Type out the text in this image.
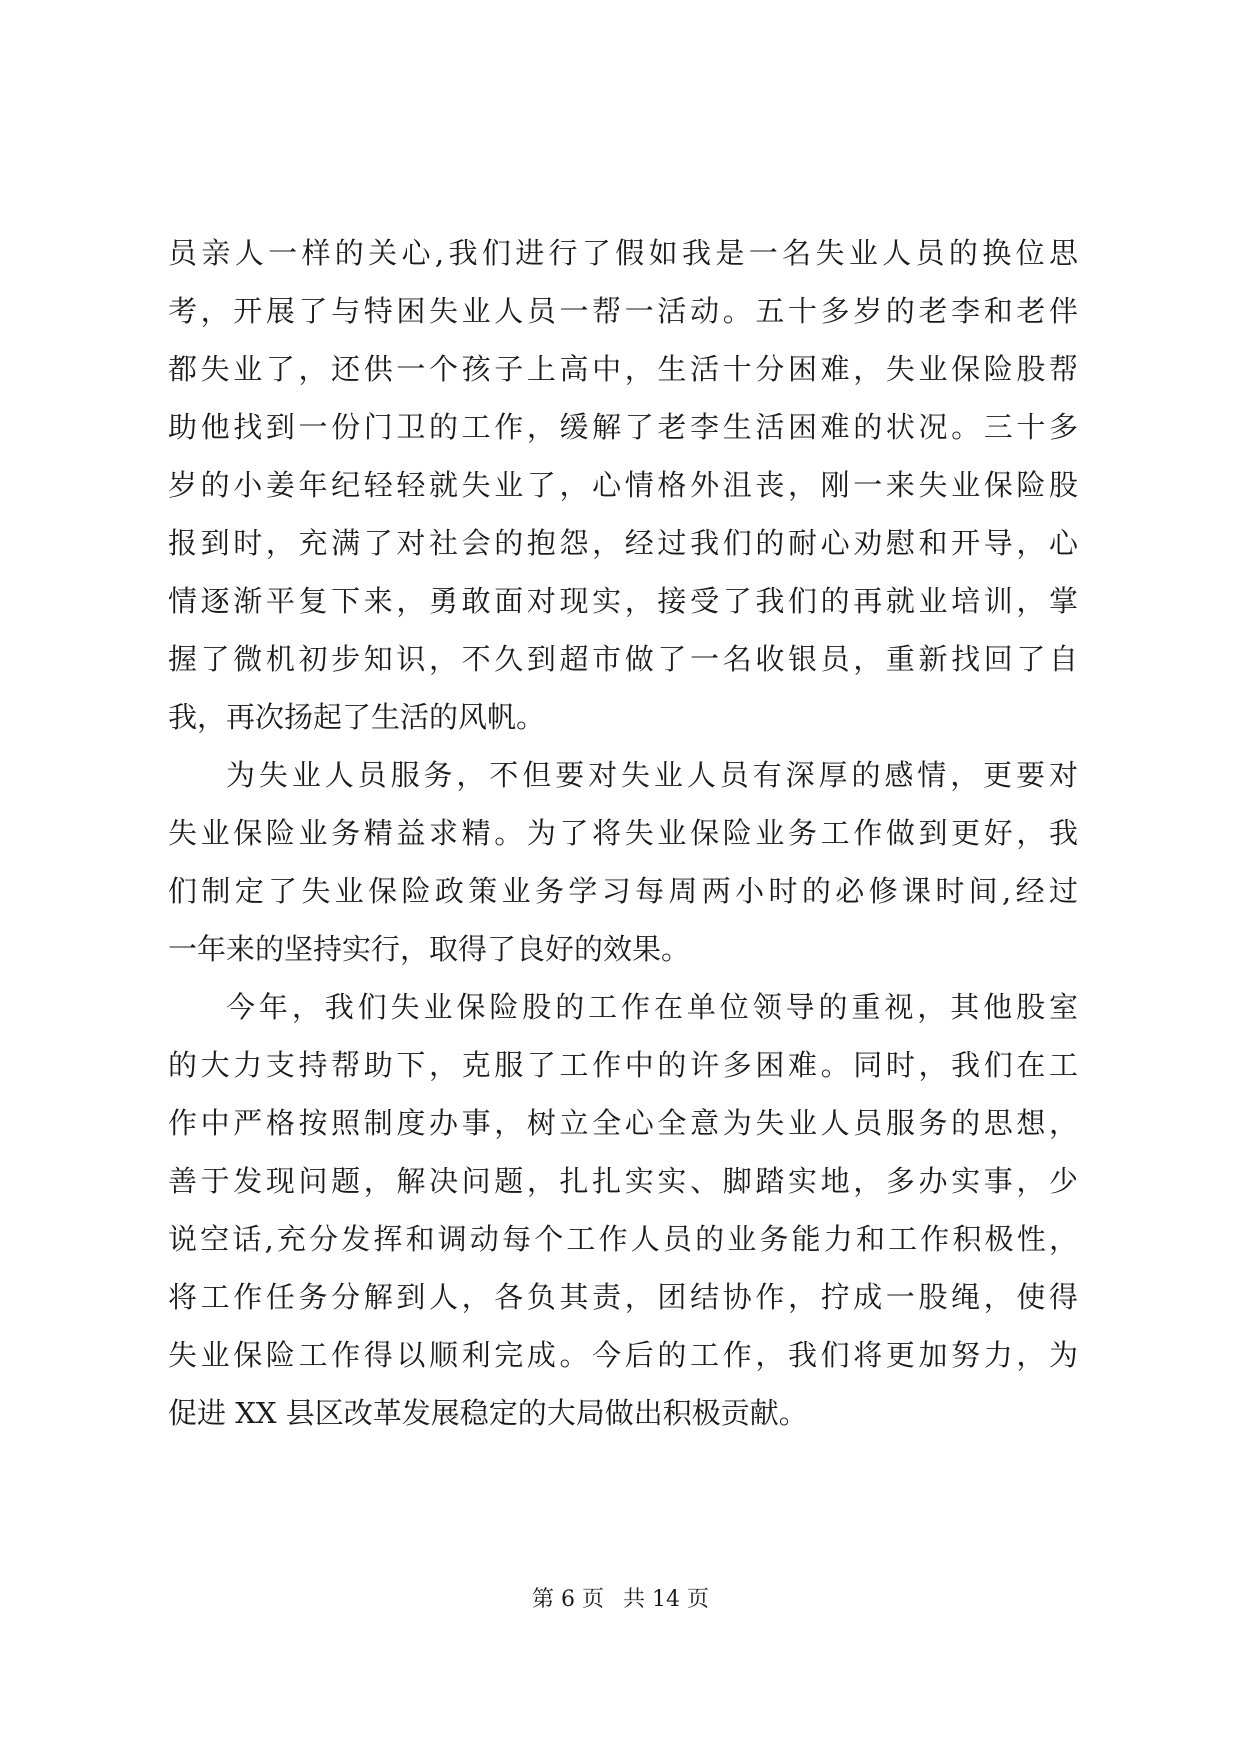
员亲人一样的关心,我们进行了假如我是一名失业人员的换位思
考，开展了与特困失业人员一帮一活动。五十多岁的老李和老伴
都失业了，还供一个孩子上高中，生活十分困难，失业保险股帮
助他找到一份门卫的工作，缓解了老李生活困难的状况。三十多
岁的小姜年纪轻轻就失业了，心情格外沮丧，刚一来失业保险股
报到时，充满了对社会的抱怨，经过我们的耐心劝慰和开导，心
情逐渐平复下来，勇敢面对现实，接受了我们的再就业培训，掌
握了微机初步知识，不久到超市做了一名收银员，重新找回了自
我，再次扬起了生活的风帆。
为失业人员服务，不但要对失业人员有深厚的感情，更要对
失业保险业务精益求精。为了将失业保险业务工作做到更好，我
们制定了失业保险政策业务学习每周两小时的必修课时间,经过
一年来的坚持实行，取得了良好的效果。
今年，我们失业保险股的工作在单位领导的重视，其他股室
的大力支持帮助下，克服了工作中的许多困难。同时，我们在工
作中严格按照制度办事，树立全心全意为失业人员服务的思想，
善于发现问题，解决问题，扎扎实实、脚踏实地，多办实事，少
说空话,充分发挥和调动每个工作人员的业务能力和工作积极性，
将工作任务分解到人，各负其责，团结协作，拧成一股绳，使得
失业保险工作得以顺利完成。今后的工作，我们将更加努力，为
促进 XX 县区改革发展稳定的大局做出积极贡献。
第 6 页 共 14 页
